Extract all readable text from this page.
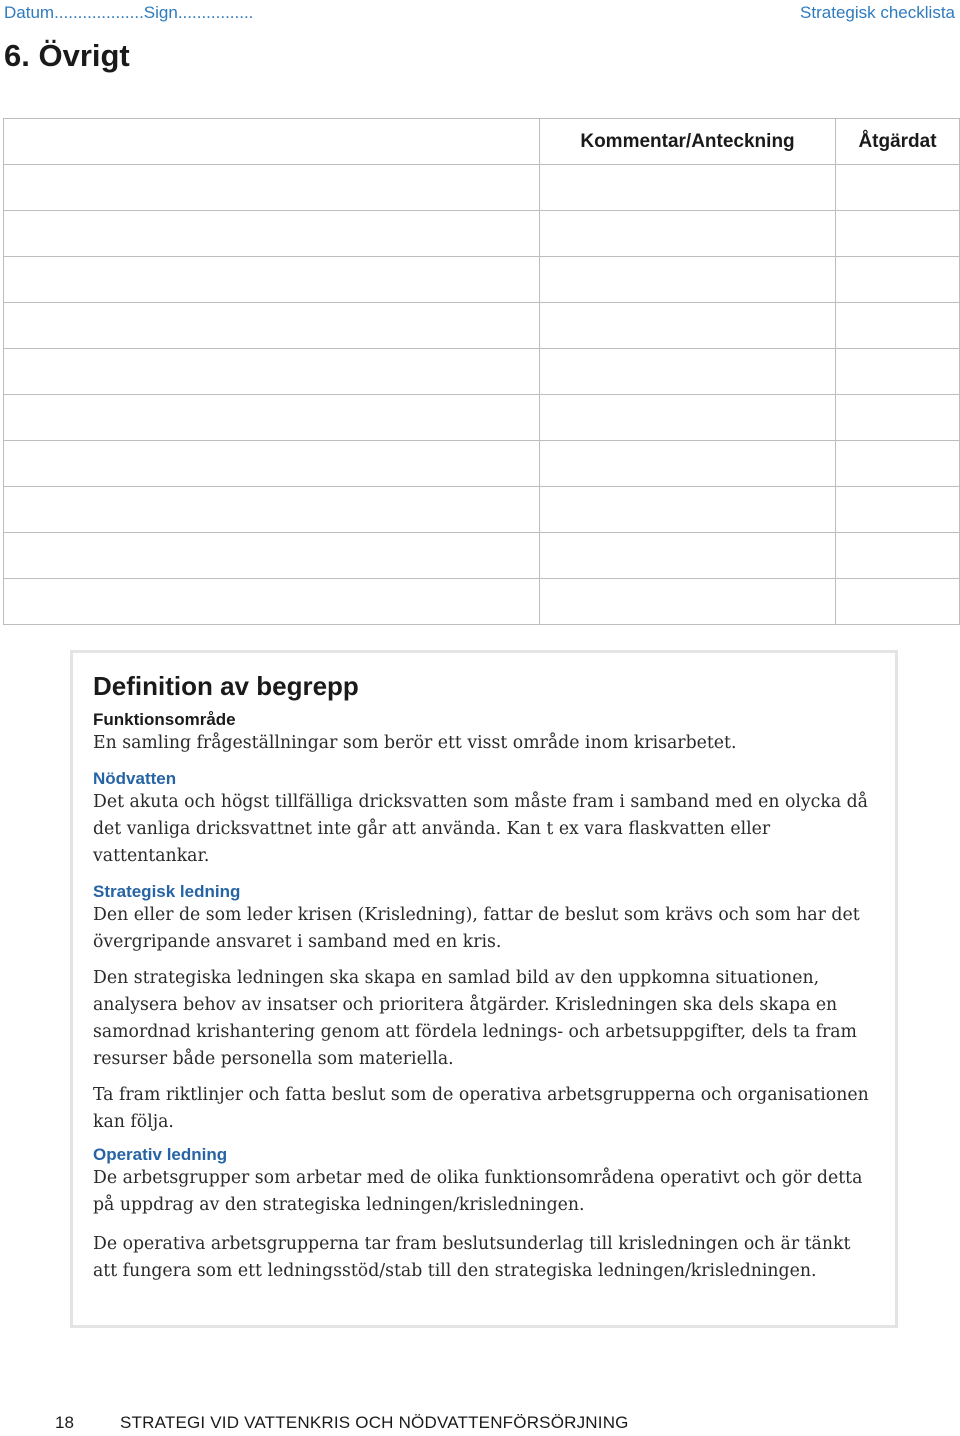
Datum...................Sign................	Strategisk checklista
6. Övrigt
	Kommentar/Anteckning	Åtgärdat

Definition av begrepp
Funktionsområde

En samling frågeställningar som berör ett visst område inom krisarbetet.

Nödvatten

Det akuta och högst tillfälliga dricksvatten som måste fram i samband med en olycka då det vanliga dricksvattnet inte går att använda. Kan t ex vara flaskvatten eller vattentankar.

Strategisk ledning

Den eller de som leder krisen (Krisledning), fattar de beslut som krävs och som har det övergripande ansvaret i samband med en kris.

Den strategiska ledningen ska skapa en samlad bild av den uppkomna situationen, analysera behov av insatser och prioritera åtgärder. Krisledningen ska dels skapa en samordnad krishantering genom att fördela lednings- och arbetsuppgifter, dels ta fram resurser både personella som materiella.

Ta fram riktlinjer och fatta beslut som de operativa arbetsgrupperna och organisationen kan följa.

Operativ ledning

De arbetsgrupper som arbetar med de olika funktionsområdena operativt och gör detta på uppdrag av den strategiska ledningen/krisledningen.

De operativa arbetsgrupperna tar fram beslutsunderlag till krisledningen och är tänkt att fungera som ett ledningsstöd/stab till den strategiska ledningen/krisledningen.

18	STRATEGI VID VATTENKRIS OCH NÖDVATTENFÖRSÖRJNING
